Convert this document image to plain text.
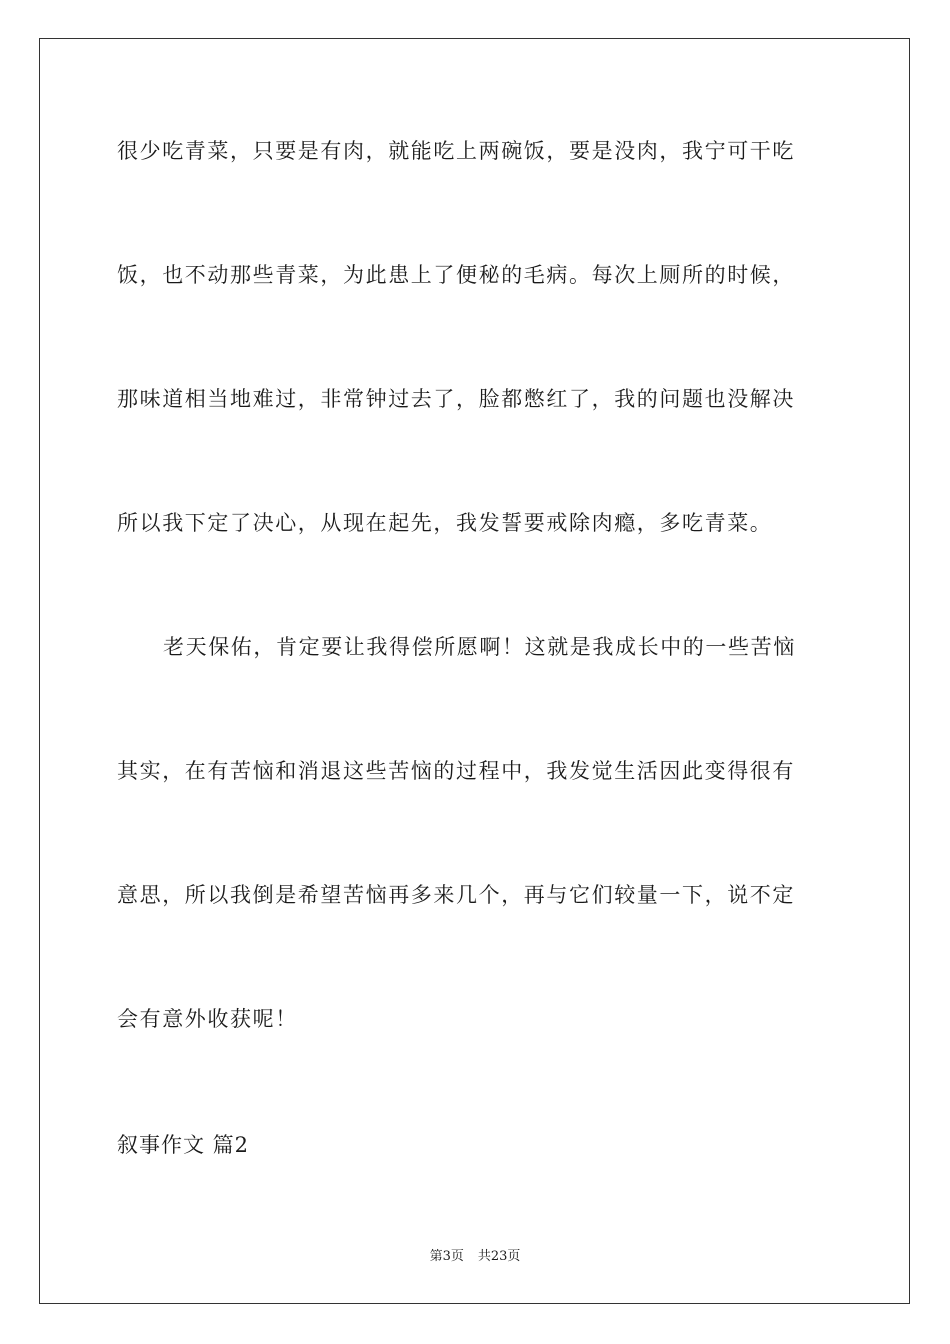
很少吃青菜，只要是有肉，就能吃上两碗饭，要是没肉，我宁可干吃
饭，也不动那些青菜，为此患上了便秘的毛病。每次上厕所的时候，
那味道相当地难过，非常钟过去了，脸都憋红了，我的问题也没解决
所以我下定了决心，从现在起先，我发誓要戒除肉瘾，多吃青菜。
老天保佑，肯定要让我得偿所愿啊！这就是我成长中的一些苦恼
其实，在有苦恼和消退这些苦恼的过程中，我发觉生活因此变得很有
意思，所以我倒是希望苦恼再多来几个，再与它们较量一下，说不定
会有意外收获呢！
叙事作文 篇2
第3页 共23页
